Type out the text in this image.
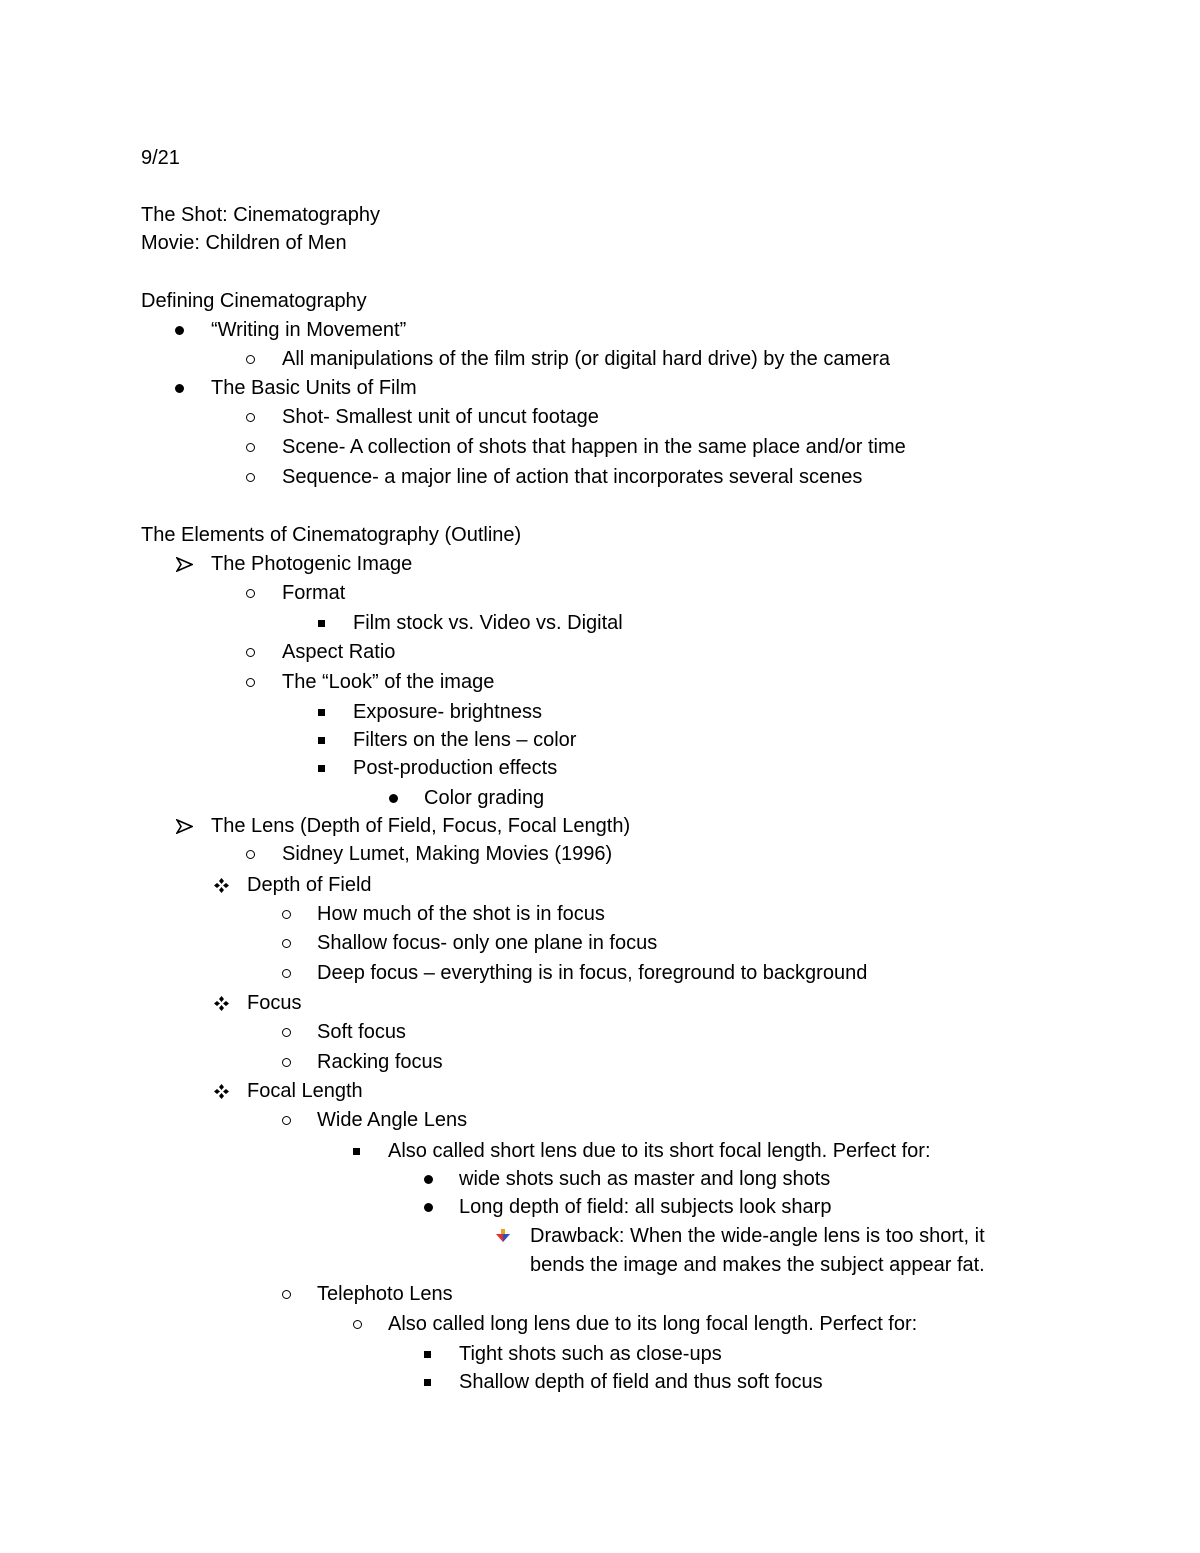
9/21
The Shot: Cinematography
Movie: Children of Men
Defining Cinematography
“Writing in Movement”
All manipulations of the film strip (or digital hard drive) by the camera
The Basic Units of Film
Shot- Smallest unit of uncut footage
Scene- A collection of shots that happen in the same place and/or time
Sequence- a major line of action that incorporates several scenes
The Elements of Cinematography (Outline)
The Photogenic Image
Format
Film stock vs. Video vs. Digital
Aspect Ratio
The “Look” of the image
Exposure- brightness
Filters on the lens – color
Post-production effects
Color grading
The Lens (Depth of Field, Focus, Focal Length)
Sidney Lumet, Making Movies (1996)
Depth of Field
How much of the shot is in focus
Shallow focus- only one plane in focus
Deep focus – everything is in focus, foreground to background
Focus
Soft focus
Racking focus
Focal Length
Wide Angle Lens
Also called short lens due to its short focal length. Perfect for:
wide shots such as master and long shots
Long depth of field: all subjects look sharp
Drawback: When the wide-angle lens is too short, it
bends the image and makes the subject appear fat.
Telephoto Lens
Also called long lens due to its long focal length. Perfect for:
Tight shots such as close-ups
Shallow depth of field and thus soft focus
